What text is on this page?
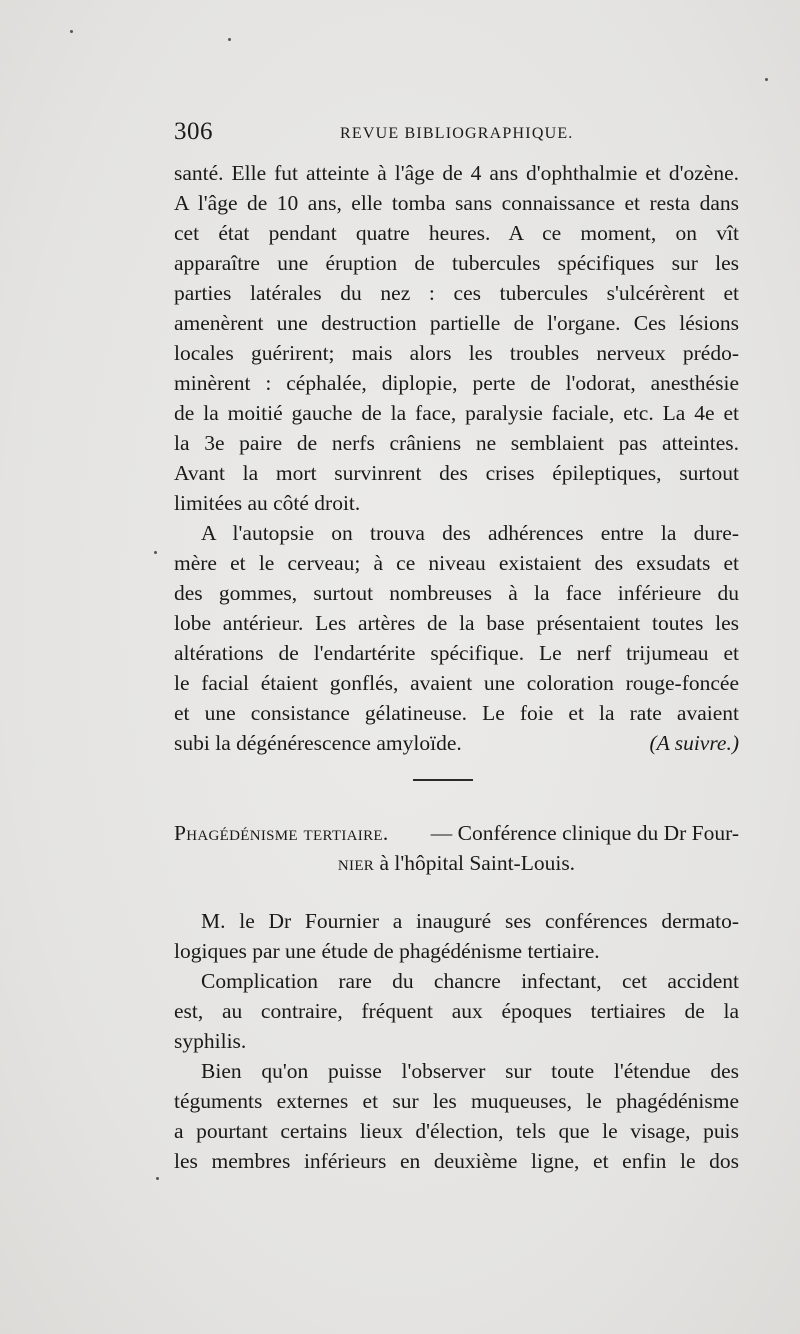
306	REVUE BIBLIOGRAPHIQUE.
santé. Elle fut atteinte à l'âge de 4 ans d'ophthalmie et d'ozène.
A l'âge de 10 ans, elle tomba sans connaissance et resta dans
cet état pendant quatre heures. A ce moment, on vît
apparaître une éruption de tubercules spécifiques sur les
parties latérales du nez : ces tubercules s'ulcérèrent et
amenèrent une destruction partielle de l'organe. Ces lésions
locales guérirent; mais alors les troubles nerveux prédo-
minèrent : céphalée, diplopie, perte de l'odorat, anesthésie
de la moitié gauche de la face, paralysie faciale, etc. La 4e et
la 3e paire de nerfs crâniens ne semblaient pas atteintes.
Avant la mort survinrent des crises épileptiques, surtout
limitées au côté droit.
A l'autopsie on trouva des adhérences entre la dure-
mère et le cerveau; à ce niveau existaient des exsudats et
des gommes, surtout nombreuses à la face inférieure du
lobe antérieur. Les artères de la base présentaient toutes les
altérations de l'endartérite spécifique. Le nerf trijumeau et
le facial étaient gonflés, avaient une coloration rouge-foncée
et une consistance gélatineuse. Le foie et la rate avaient
subi la dégénérescence amyloïde.	(A suivre.)
Phagédénisme tertiaire. — Conférence clinique du Dr Four-
nier à l'hôpital Saint-Louis.
M. le Dr Fournier a inauguré ses conférences dermato-
logiques par une étude de phagédénisme tertiaire.
Complication rare du chancre infectant, cet accident
est, au contraire, fréquent aux époques tertiaires de la
syphilis.
Bien qu'on puisse l'observer sur toute l'étendue des
téguments externes et sur les muqueuses, le phagédénisme
a pourtant certains lieux d'élection, tels que le visage, puis
les membres inférieurs en deuxième ligne, et enfin le dos
